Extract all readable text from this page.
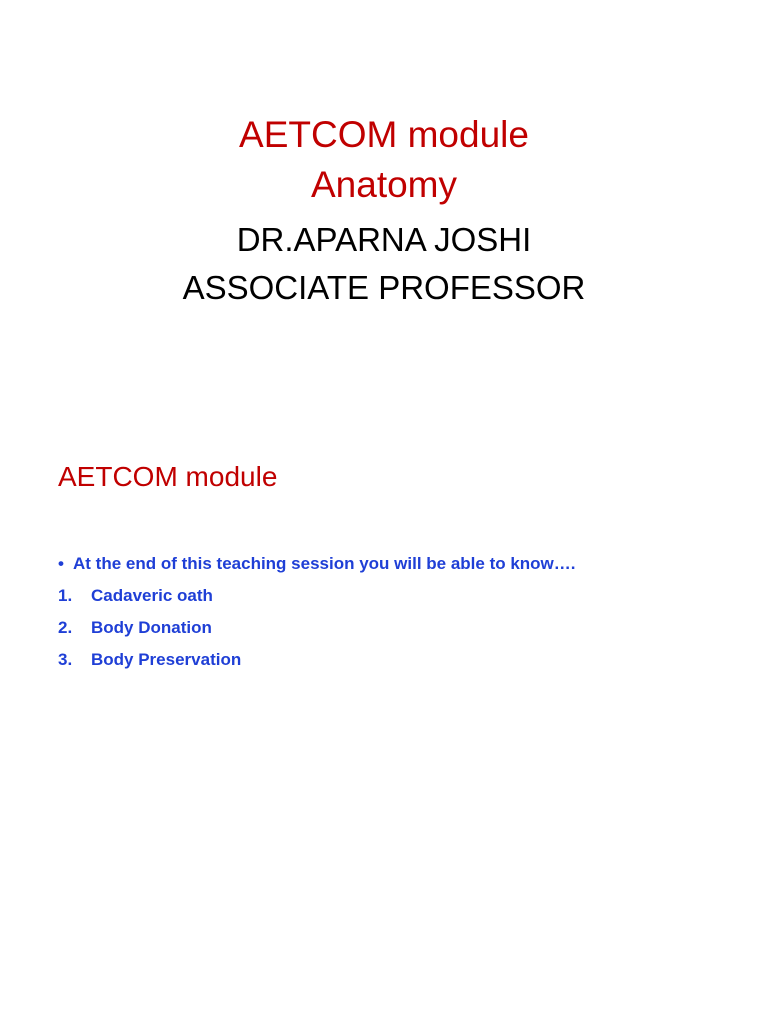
AETCOM module
Anatomy
DR.APARNA JOSHI
ASSOCIATE PROFESSOR
AETCOM module
• At the end of this teaching session you will be able to know….
1.	Cadaveric oath
2.	Body Donation
3.	Body Preservation
